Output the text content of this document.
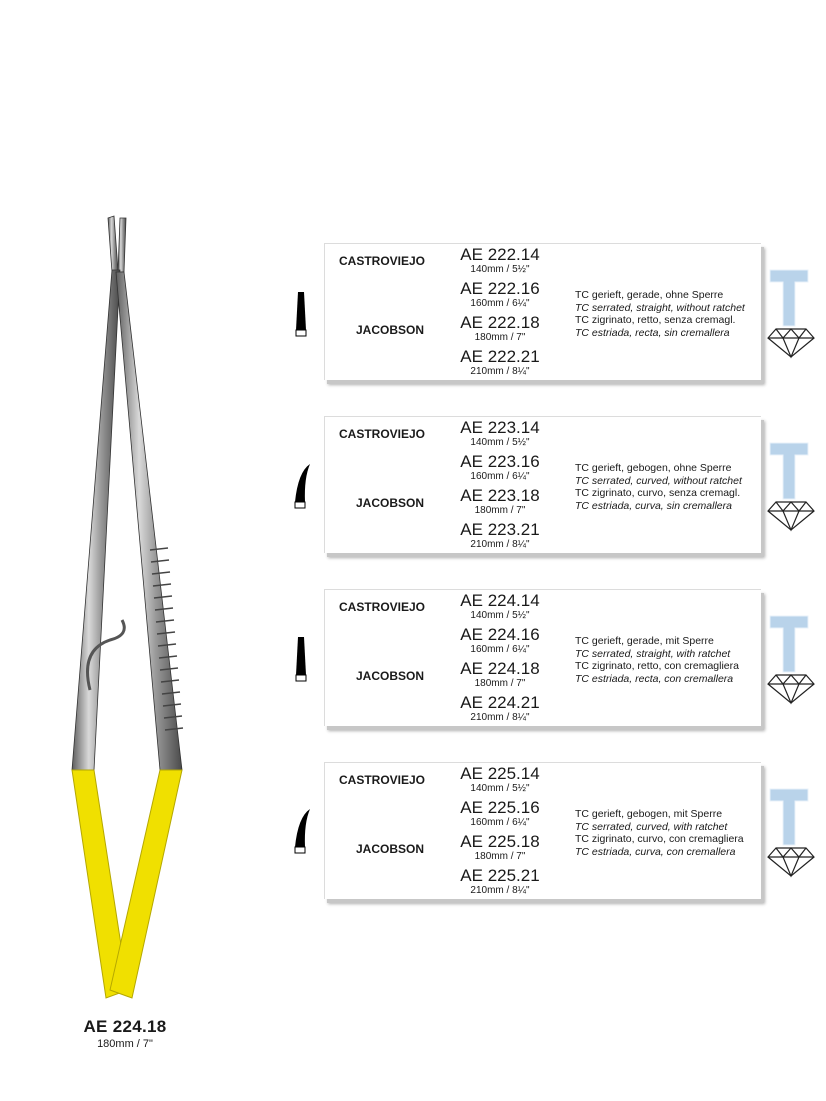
AE 224.18
180mm / 7"
CASTROVIEJO
JACOBSON
AE 222.14
140mm / 5½"
AE 222.16
160mm / 6¼"
AE 222.18
180mm / 7"
AE 222.21
210mm / 8¼"
TC gerieft, gerade, ohne Sperre
TC serrated, straight, without ratchet
TC zigrinato, retto, senza cremagl.
TC estriada, recta, sin cremallera
CASTROVIEJO
JACOBSON
AE 223.14
140mm / 5½"
AE 223.16
160mm / 6¼"
AE 223.18
180mm / 7"
AE 223.21
210mm / 8¼"
TC gerieft, gebogen, ohne Sperre
TC serrated, curved, without ratchet
TC zigrinato, curvo, senza cremagl.
TC estriada, curva, sin cremallera
CASTROVIEJO
JACOBSON
AE 224.14
140mm / 5½"
AE 224.16
160mm / 6¼"
AE 224.18
180mm / 7"
AE 224.21
210mm / 8¼"
TC gerieft, gerade, mit Sperre
TC serrated, straight, with ratchet
TC zigrinato, retto, con cremagliera
TC estriada, recta, con cremallera
CASTROVIEJO
JACOBSON
AE 225.14
140mm / 5½"
AE 225.16
160mm / 6¼"
AE 225.18
180mm / 7"
AE 225.21
210mm / 8¼"
TC gerieft, gebogen, mit Sperre
TC serrated, curved, with ratchet
TC zigrinato, curvo, con cremagliera
TC estriada, curva, con cremallera
